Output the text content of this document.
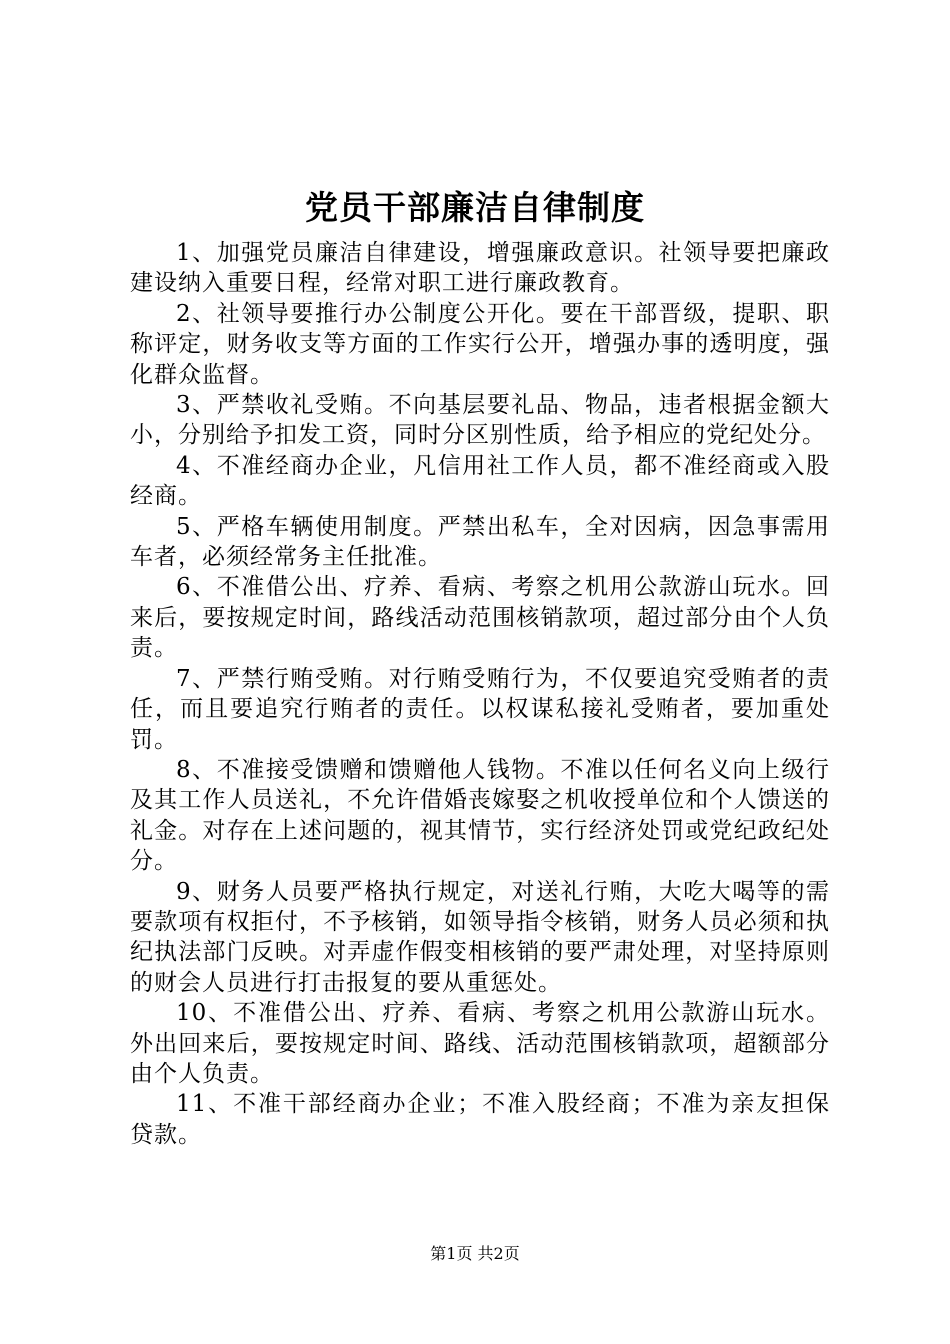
党员干部廉洁自律制度

1、加强党员廉洁自律建设，增强廉政意识。社领导要把廉政建设纳入重要日程，经常对职工进行廉政教育。

2、社领导要推行办公制度公开化。要在干部晋级，提职、职称评定，财务收支等方面的工作实行公开，增强办事的透明度，强化群众监督。

3、严禁收礼受贿。不向基层要礼品、物品，违者根据金额大小，分别给予扣发工资，同时分区别性质，给予相应的党纪处分。

4、不准经商办企业，凡信用社工作人员，都不准经商或入股经商。

5、严格车辆使用制度。严禁出私车，全对因病，因急事需用车者，必须经常务主任批准。

6、不准借公出、疗养、看病、考察之机用公款游山玩水。回来后，要按规定时间，路线活动范围核销款项，超过部分由个人负责。

7、严禁行贿受贿。对行贿受贿行为，不仅要追究受贿者的责任，而且要追究行贿者的责任。以权谋私接礼受贿者，要加重处罚。

8、不准接受馈赠和馈赠他人钱物。不准以任何名义向上级行及其工作人员送礼，不允许借婚丧嫁娶之机收授单位和个人馈送的礼金。对存在上述问题的，视其情节，实行经济处罚或党纪政纪处分。

9、财务人员要严格执行规定，对送礼行贿，大吃大喝等的需要款项有权拒付，不予核销，如领导指令核销，财务人员必须和执纪执法部门反映。对弄虚作假变相核销的要严肃处理，对坚持原则的财会人员进行打击报复的要从重惩处。

10、不准借公出、疗养、看病、考察之机用公款游山玩水。外出回来后，要按规定时间、路线、活动范围核销款项，超额部分由个人负责。

11、不准干部经商办企业；不准入股经商；不准为亲友担保贷款。

第1页 共2页
